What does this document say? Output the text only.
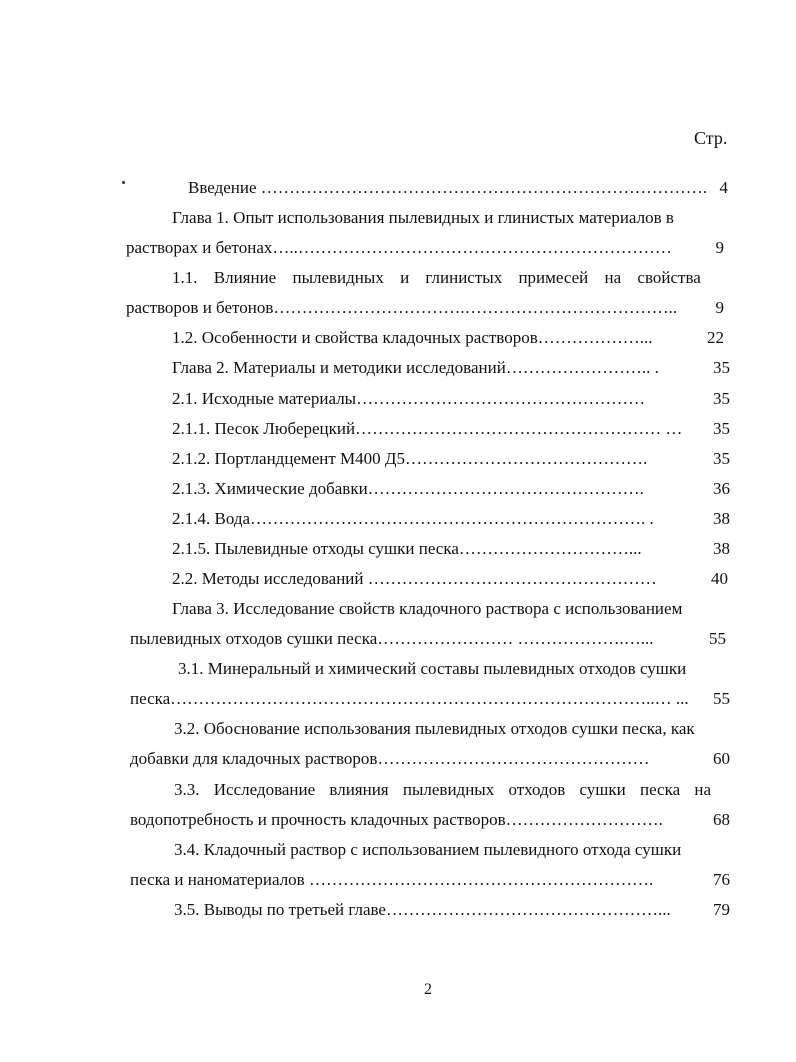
Стр.
Введение ……………………………………………………………………. 4
Глава 1. Опыт использования пылевидных и глинистых материалов в
растворах и бетонах…..…………………………………………………………	9
1.1. Влияние пылевидных и глинистых примесей на свойства
растворов и бетонов…………………………….……………………………….. 9
1.2. Особенности и свойства кладочных растворов………………...	22
Глава 2. Материалы и методики исследований…………………….. .	35
2.1. Исходные материалы……………………………………………	35
2.1.1. Песок Люберецкий……………………………………………… … 35
2.1.2. Портландцемент М400 Д5…………………………………….	35
2.1.3. Химические добавки………………………………………….	36
2.1.4. Вода……………………………………………………………. .	38
2.1.5. Пылевидные отходы сушки песка…………………………...	38
2.2. Методы исследований ……………………………………………	40
Глава 3. Исследование свойств кладочного раствора с использованием
пылевидных отходов сушки песка…………………… ……………….…...	55
3.1. Минеральный и химический составы пылевидных отходов сушки
песка…………………………………………………………………………..… ... 55
3.2. Обоснование использования пылевидных отходов сушки песка, как
добавки для кладочных растворов…………………………………………	60
3.3. Исследование влияния пылевидных отходов сушки песка на
водопотребность и прочность кладочных растворов……………………….	68
3.4. Кладочный раствор с использованием пылевидного отхода сушки
песка и наноматериалов …………………………………………………….	76
3.5. Выводы по третьей главе…………………………………………... 79
2
